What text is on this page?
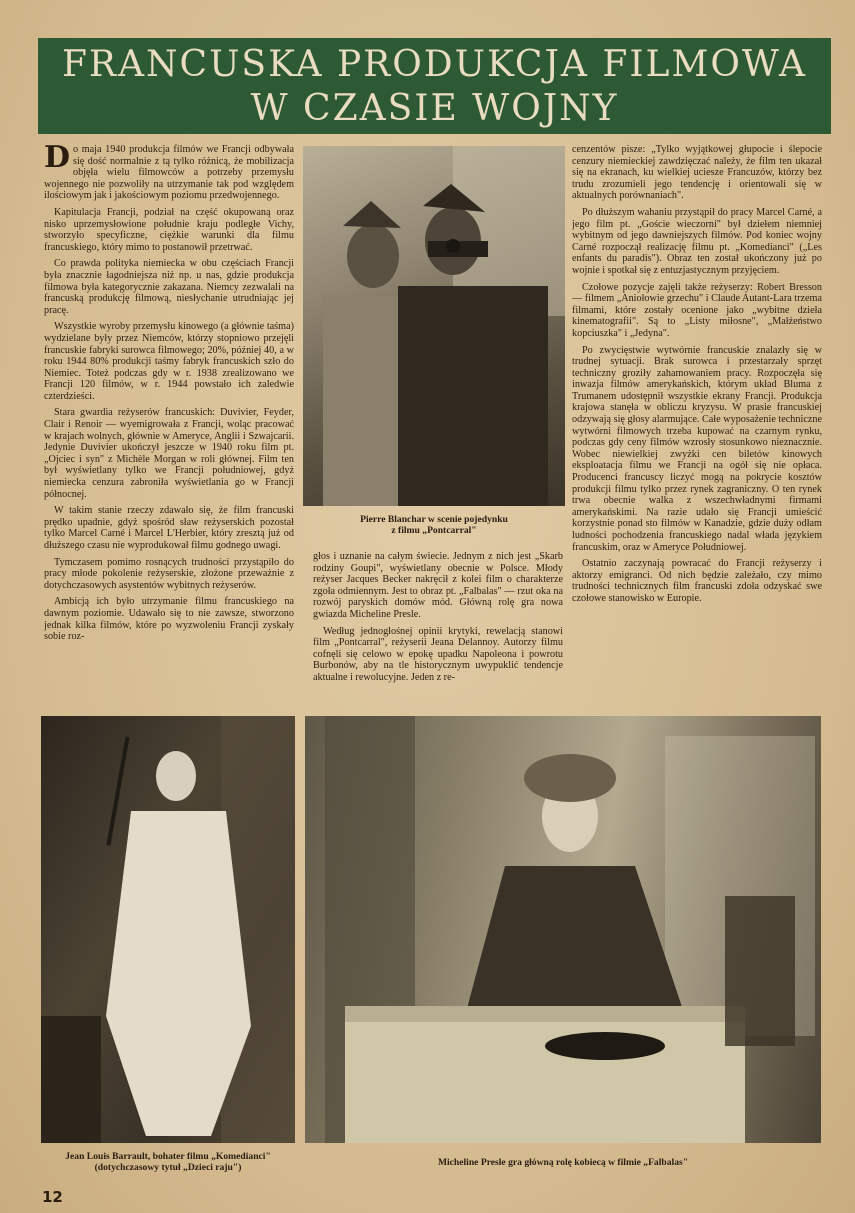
FRANCUSKA PRODUKCJA FILMOWA
W CZASIE WOJNY

Do maja 1940 produkcja filmów we Francji odbywała się dość normalnie z tą tylko różnicą, że mobilizacja objęła wielu filmowców a potrzeby przemysłu wojennego nie pozwoliły na utrzymanie tak pod względem ilościowym jak i jakościowym poziomu przedwojennego.

Kapitulacja Francji, podział na część okupowaną oraz nisko uprzemysłowione południe kraju podległe Vichy, stworzyło specyficzne, ciężkie warunki dla filmu francuskiego, który mimo to postanowił przetrwać.

Co prawda polityka niemiecka w obu częściach Francji była znacznie łagodniejsza niż np. u nas, gdzie produkcja filmowa była kategorycznie zakazana. Niemcy zezwalali na francuską produkcję filmową, niesłychanie utrudniając jej pracę.

Wszystkie wyroby przemysłu kinowego (a głównie taśma) wydzielane były przez Niemców, którzy stopniowo przejęli francuskie fabryki surowca filmowego; 20%, później 40, a w roku 1944 80% produkcji taśmy fabryk francuskich szło do Niemiec. Toteż podczas gdy w r. 1938 zrealizowano we Francji 120 filmów, w r. 1944 powstało ich zaledwie czterdzieści.

Stara gwardia reżyserów francuskich: Duvivier, Feyder, Clair i Renoir — wyemigrowała z Francji, woląc pracować w krajach wolnych, głównie w Ameryce, Anglii i Szwajcarii. Jedynie Duvivier ukończył jeszcze w 1940 roku film pt. „Ojciec i syn" z Michèle Morgan w roli głównej. Film ten był wyświetlany tylko we Francji południowej, gdyż niemiecka cenzura zabroniła wyświetlania go w Francji północnej.

W takim stanie rzeczy zdawało się, że film francuski prędko upadnie, gdyż spośród sław reżyserskich pozostał tylko Marcel Carné i Marcel L'Herbier, który zresztą już od dłuższego czasu nie wyprodukował filmu godnego uwagi.

Tymczasem pomimo rosnących trudności przystąpiło do pracy młode pokolenie reżyserskie, złożone przeważnie z dotychczasowych asystentów wybitnych reżyserów.

Ambicją ich było utrzymanie filmu francuskiego na dawnym poziomie. Udawało się to nie zawsze, stworzono jednak kilka filmów, które po wyzwoleniu Francji zyskały sobie roz-

Pierre Blanchar w scenie pojedynku
z filmu „Pontcarral"

głos i uznanie na całym świecie. Jednym z nich jest „Skarb rodziny Goupi", wyświetlany obecnie w Polsce. Młody reżyser Jacques Becker nakręcił z kolei film o charakterze zgoła odmiennym. Jest to obraz pt. „Falbalas" — rzut oka na rozwój paryskich domów mód. Główną rolę gra nowa gwiazda Micheline Presle.

Według jednogłośnej opinii krytyki, rewelacją stanowi film „Pontcarral", reżyserii Jeana Delannoy. Autorzy filmu cofnęli się celowo w epokę upadku Napoleona i powrotu Burbonów, aby na tle historycznym uwypuklić tendencje aktualne i rewolucyjne. Jeden z re-

cenzentów pisze: „Tylko wyjątkowej głupocie i ślepocie cenzury niemieckiej zawdzięczać należy, że film ten ukazał się na ekranach, ku wielkiej uciesze Francuzów, którzy bez trudu zrozumieli jego tendencję i orientowali się w aktualnych porównaniach".

Po dłuższym wahaniu przystąpił do pracy Marcel Carné, a jego film pt. „Goście wieczorni" był dziełem niemniej wybitnym od jego dawniejszych filmów. Pod koniec wojny Carné rozpoczął realizację filmu pt. „Komedianci" („Les enfants du paradis"). Obraz ten został ukończony już po wojnie i spotkał się z entuzjastycznym przyjęciem.

Czołowe pozycje zajęli także reżyserzy: Robert Bresson — filmem „Aniołowie grzechu" i Claude Autant-Lara trzema filmami, które zostały ocenione jako „wybitne dzieła kinematografii". Są to „Listy miłosne", „Małżeństwo kopciuszka" i „Jedyna".

Po zwycięstwie wytwórnie francuskie znalazły się w trudnej sytuacji. Brak surowca i przestarzały sprzęt techniczny groziły zahamowaniem pracy. Rozpoczęła się inwazja filmów amerykańskich, którym układ Bluma z Trumanem udostępnił wszystkie ekrany Francji. Produkcja krajowa stanęła w obliczu kryzysu. W prasie francuskiej odzywają się głosy alarmujące. Całe wyposażenie techniczne wytwórni filmowych trzeba kupować na czarnym rynku, podczas gdy ceny filmów wzrosły stosunkowo nieznacznie. Wobec niewielkiej zwyżki cen biletów kinowych eksploatacja filmu we Francji na ogół się nie opłaca. Producenci francuscy liczyć mogą na pokrycie kosztów produkcji filmu tylko przez rynek zagraniczny. O ten rynek trwa obecnie walka z wszechwładnymi firmami amerykańskimi. Na razie udało się Francji umieścić korzystnie ponad sto filmów w Kanadzie, gdzie duży odłam ludności pochodzenia francuskiego nadal włada językiem francuskim, oraz w Ameryce Południowej.

Ostatnio zaczynają powracać do Francji reżyserzy i aktorzy emigranci. Od nich będzie zależało, czy mimo trudności technicznych film francuski zdoła odzyskać swe czołowe stanowisko w Europie.

Jean Louis Barrault, bohater filmu „Komedianci" (dotychczasowy tytuł „Dzieci raju")	Micheline Presle gra główną rolę kobiecą w filmie „Falbalas"
12
